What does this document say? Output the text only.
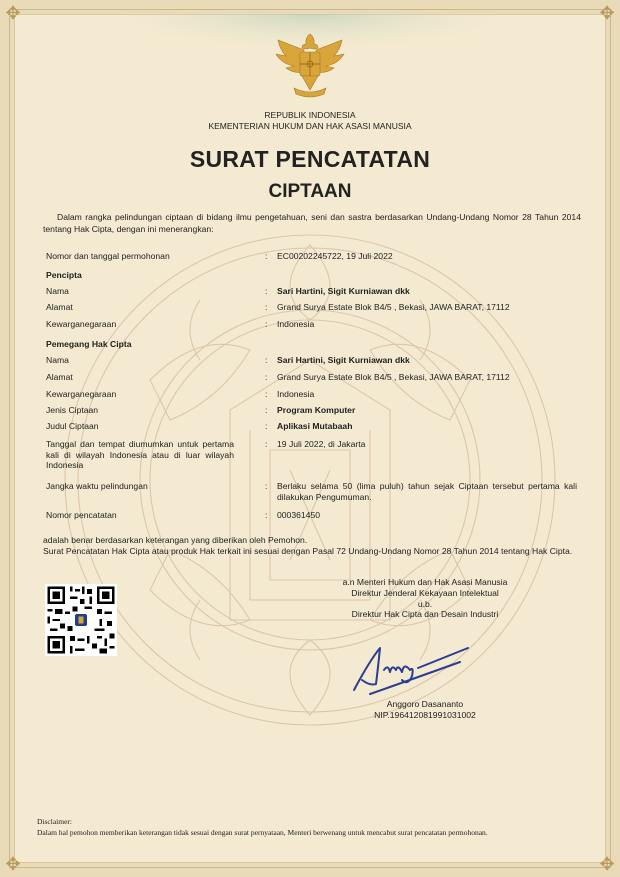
✥	✥
✥	✥
REPUBLIK INDONESIA
KEMENTERIAN HUKUM DAN HAK ASASI MANUSIA
SURAT PENCATATAN
CIPTAAN
Dalam rangka pelindungan ciptaan di bidang ilmu pengetahuan, seni dan sastra berdasarkan Undang-Undang Nomor 28 Tahun 2014 tentang Hak Cipta, dengan ini menerangkan:
Nomor dan tanggal permohonan	: EC00202245722, 19 Juli 2022
Pencipta
Nama	: Sari Hartini, Sigit Kurniawan dkk
Alamat	: Grand Surya Estate Blok B4/5 , Bekasi, JAWA BARAT, 17112
Kewarganegaraan	: Indonesia
Pemegang Hak Cipta
Nama	: Sari Hartini, Sigit Kurniawan dkk
Alamat	: Grand Surya Estate Blok B4/5 , Bekasi, JAWA BARAT, 17112
Kewarganegaraan	: Indonesia
Jenis Ciptaan	: Program Komputer
Judul Ciptaan	: Aplikasi Mutabaah
Tanggal dan tempat diumumkan untuk pertama kali di wilayah Indonesia atau di luar wilayah Indonesia
: 19 Juli 2022, di Jakarta
Jangka waktu pelindungan	: Berlaku selama 50 (lima puluh) tahun sejak Ciptaan tersebut pertama kali dilakukan Pengumuman.
Nomor pencatatan	: 000361450
adalah benar berdasarkan keterangan yang diberikan oleh Pemohon.
Surat Pencatatan Hak Cipta atau produk Hak terkait ini sesuai dengan Pasal 72 Undang-Undang Nomor 28 Tahun 2014 tentang Hak Cipta.
a.n Menteri Hukum dan Hak Asasi Manusia
Direktur Jenderal Kekayaan Intelektual
u.b.
Direktur Hak Cipta dan Desain Industri
Anggoro Dasananto
NIP.196412081991031002
Disclaimer:
Dalam hal pemohon memberikan keterangan tidak sesuai dengan surat pernyataan, Menteri berwenang untuk mencabut surat pencatatan permohonan.
